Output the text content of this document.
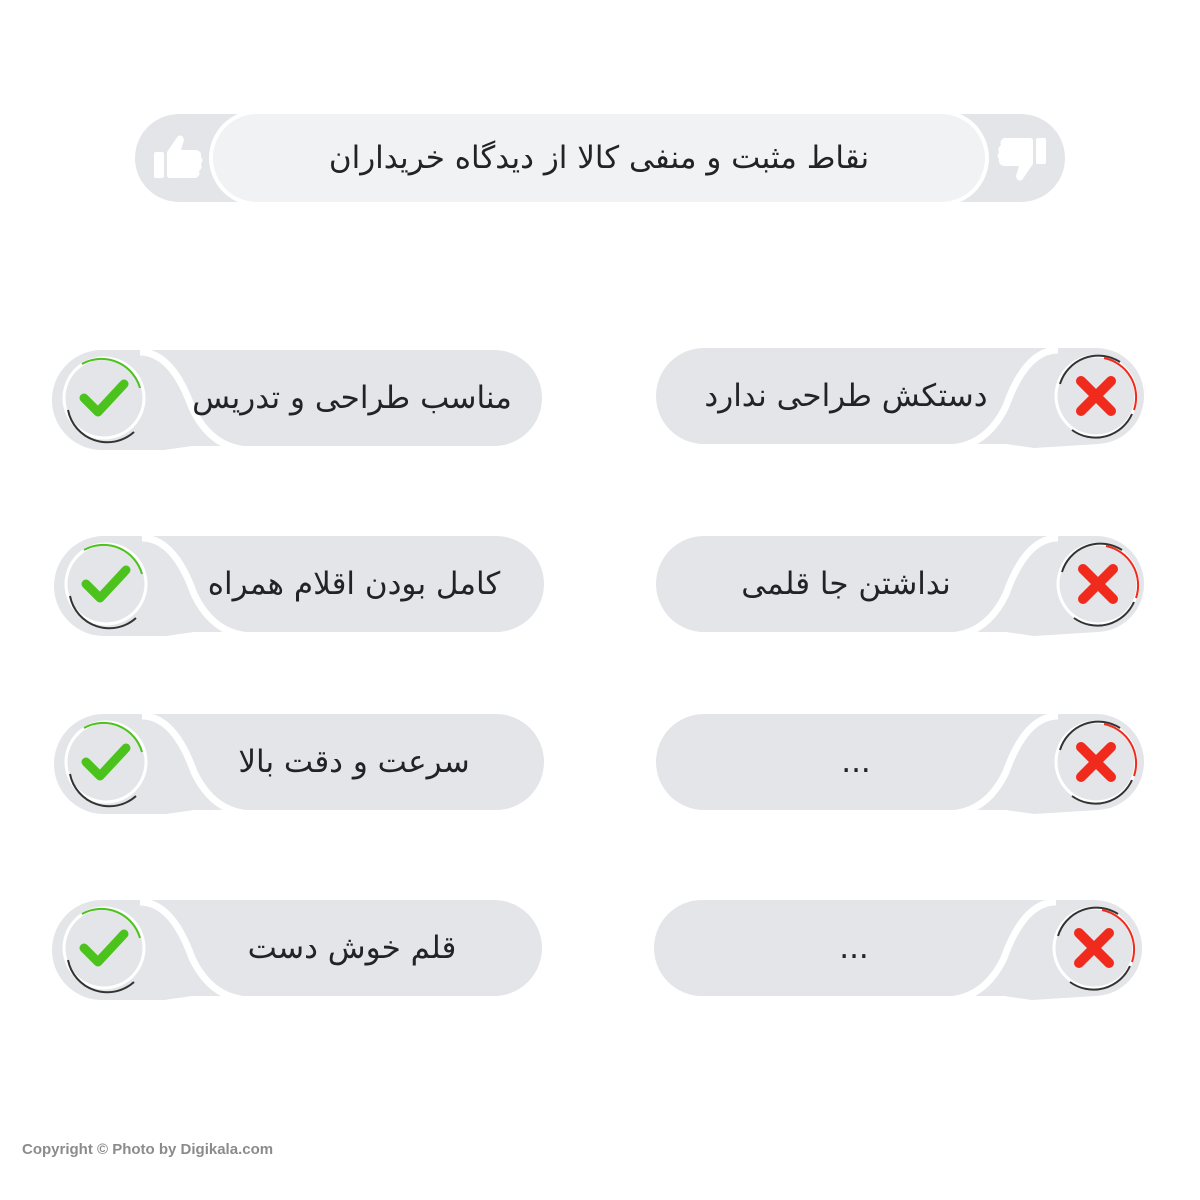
نقاط مثبت و منفی کالا از دیدگاه خریداران
مناسب طراحی و تدریس
کامل بودن اقلام همراه
سرعت و دقت بالا
قلم خوش دست
دستکش طراحی ندارد
نداشتن جا قلمی
...
...
Copyright © Photo by Digikala.com
